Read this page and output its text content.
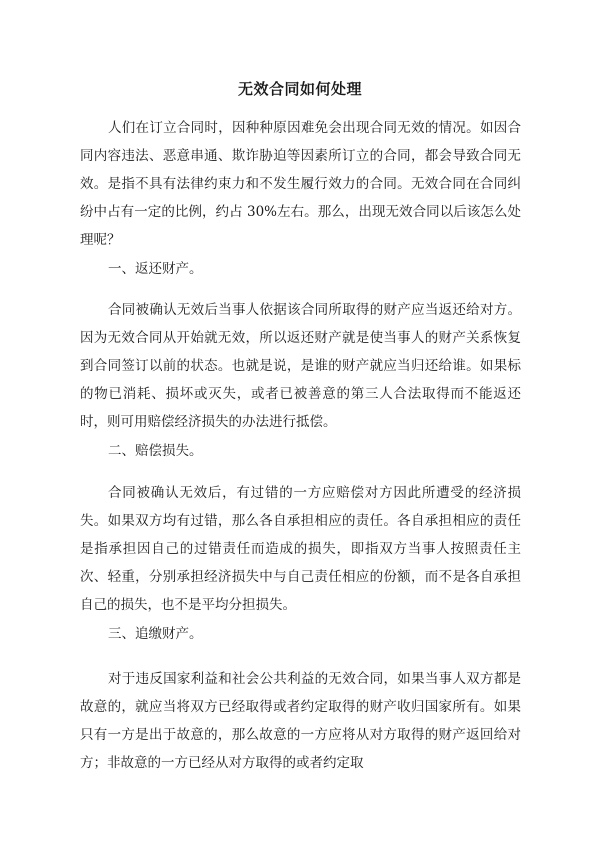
无效合同如何处理

人们在订立合同时，因种种原因难免会出现合同无效的情况。如因合同内容违法、恶意串通、欺诈胁迫等因素所订立的合同，都会导致合同无效。是指不具有法律约束力和不发生履行效力的合同。无效合同在合同纠纷中占有一定的比例，约占 30%左右。那么，出现无效合同以后该怎么处理呢？

一、返还财产。

合同被确认无效后当事人依据该合同所取得的财产应当返还给对方。因为无效合同从开始就无效，所以返还财产就是使当事人的财产关系恢复到合同签订以前的状态。也就是说，是谁的财产就应当归还给谁。如果标的物已消耗、损坏或灭失，或者已被善意的第三人合法取得而不能返还时，则可用赔偿经济损失的办法进行抵偿。

二、赔偿损失。

合同被确认无效后，有过错的一方应赔偿对方因此所遭受的经济损失。如果双方均有过错，那么各自承担相应的责任。各自承担相应的责任是指承担因自己的过错责任而造成的损失，即指双方当事人按照责任主次、轻重，分别承担经济损失中与自己责任相应的份额，而不是各自承担自己的损失，也不是平均分担损失。

三、追缴财产。

对于违反国家利益和社会公共利益的无效合同，如果当事人双方都是故意的，就应当将双方已经取得或者约定取得的财产收归国家所有。如果只有一方是出于故意的，那么故意的一方应将从对方取得的财产返回给对方；非故意的一方已经从对方取得的或者约定取
